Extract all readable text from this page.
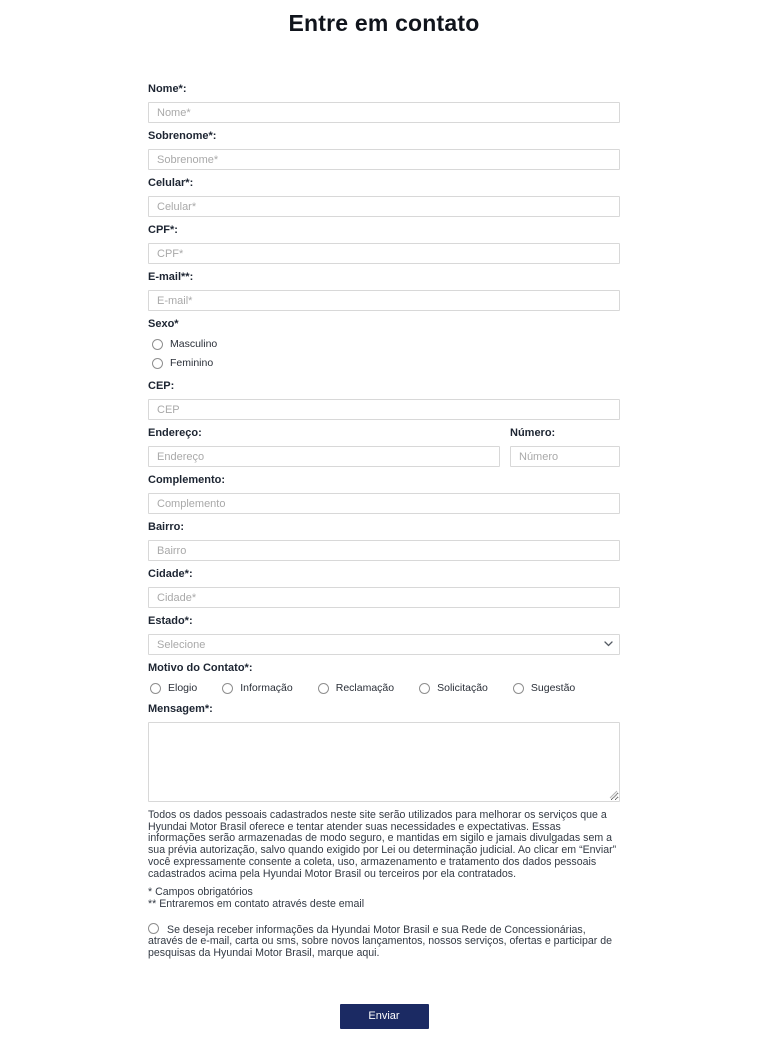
Entre em contato
Nome*:
Nome*
Sobrenome*:
Sobrenome*
Celular*:
Celular*
CPF*:
CPF*
E-mail**:
E-mail*
Sexo*
Masculino
Feminino
CEP:
CEP
Endereço:
Endereço	Número:
Número
Complemento:
Complemento
Bairro:
Bairro
Cidade*:
Cidade*
Estado*:
Selecione
Motivo do Contato*:
Elogio	Informação	Reclamação	Solicitação	Sugestão
Mensagem*:

Todos os dados pessoais cadastrados neste site serão utilizados para melhorar os serviços que a Hyundai Motor Brasil oferece e tentar atender suas necessidades e expectativas. Essas informações serão armazenadas de modo seguro, e mantidas em sigilo e jamais divulgadas sem a sua prévia autorização, salvo quando exigido por Lei ou determinação judicial. Ao clicar em “Enviar” você expressamente consente a coleta, uso, armazenamento e tratamento dos dados pessoais cadastrados acima pela Hyundai Motor Brasil ou terceiros por ela contratados.

* Campos obrigatórios
** Entraremos em contato através deste email
Se deseja receber informações da Hyundai Motor Brasil e sua Rede de Concessionárias, através de e-mail, carta ou sms, sobre novos lançamentos, nossos serviços, ofertas e participar de pesquisas da Hyundai Motor Brasil, marque aqui.
Enviar
